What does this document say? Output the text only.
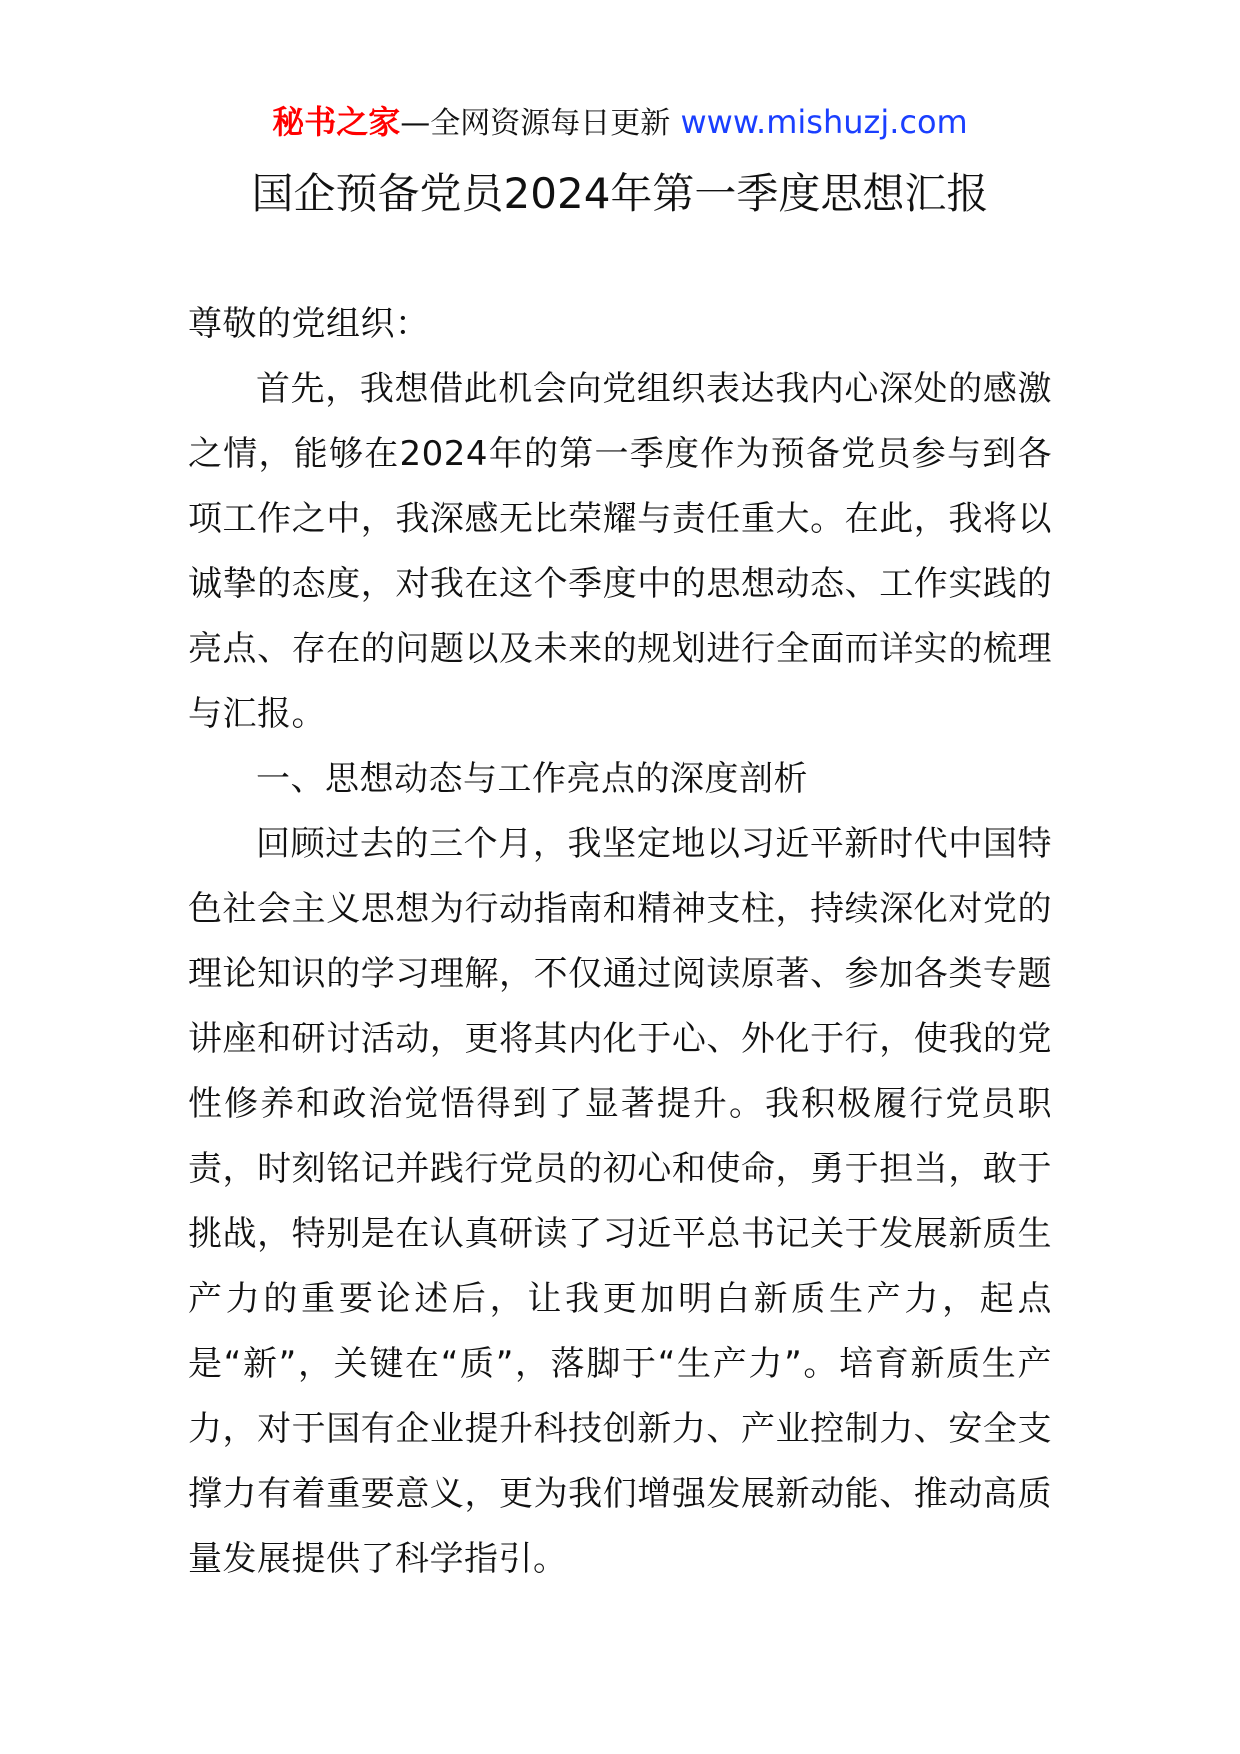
秘书之家—全网资源每日更新 www.mishuzj.com
国企预备党员2024年第一季度思想汇报

尊敬的党组织：

首先，我想借此机会向党组织表达我内心深处的感激之情，能够在2024年的第一季度作为预备党员参与到各项工作之中，我深感无比荣耀与责任重大。在此，我将以诚挚的态度，对我在这个季度中的思想动态、工作实践的亮点、存在的问题以及未来的规划进行全面而详实的梳理与汇报。

一、思想动态与工作亮点的深度剖析

回顾过去的三个月，我坚定地以习近平新时代中国特色社会主义思想为行动指南和精神支柱，持续深化对党的理论知识的学习理解，不仅通过阅读原著、参加各类专题讲座和研讨活动，更将其内化于心、外化于行，使我的党性修养和政治觉悟得到了显著提升。我积极履行党员职责，时刻铭记并践行党员的初心和使命，勇于担当，敢于挑战，特别是在认真研读了习近平总书记关于发展新质生产力的重要论述后，让我更加明白新质生产力，起点是“新”，关键在“质”，落脚于“生产力”。培育新质生产力，对于国有企业提升科技创新力、产业控制力、安全支撑力有着重要意义，更为我们增强发展新动能、推动高质量发展提供了科学指引。
